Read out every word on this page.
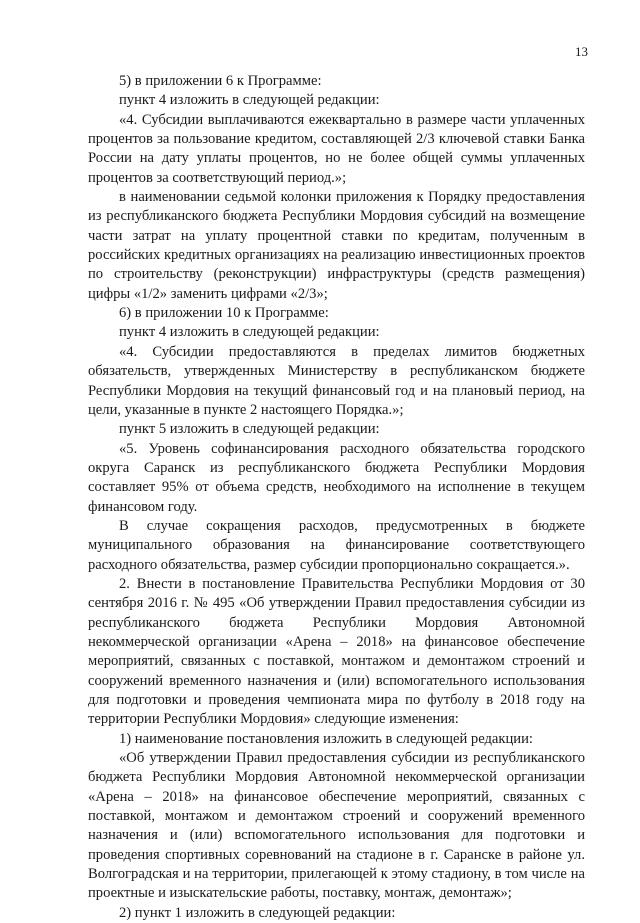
13

5) в приложении 6 к Программе:

пункт 4 изложить в следующей редакции:

«4. Субсидии выплачиваются ежеквартально в размере части уплаченных процентов за пользование кредитом, составляющей 2/3 ключевой ставки Банка России на дату уплаты процентов, но не более общей суммы уплаченных процентов за соответствующий период.»;

в наименовании седьмой колонки приложения к Порядку предоставления из республиканского бюджета Республики Мордовия субсидий на возмещение части затрат на уплату процентной ставки по кредитам, полученным в российских кредитных организациях на реализацию инвестиционных проектов по строительству (реконструкции) инфраструктуры (средств размещения) цифры «1/2» заменить цифрами «2/3»;

6) в приложении 10 к Программе:

пункт 4 изложить в следующей редакции:

«4. Субсидии предоставляются в пределах лимитов бюджетных обязательств, утвержденных Министерству в республиканском бюджете Республики Мордовия на текущий финансовый год и на плановый период, на цели, указанные в пункте 2 настоящего Порядка.»;

пункт 5 изложить в следующей редакции:

«5. Уровень софинансирования расходного обязательства городского округа Саранск из республиканского бюджета Республики Мордовия составляет 95% от объема средств, необходимого на исполнение в текущем финансовом году.

В случае сокращения расходов, предусмотренных в бюджете муниципального образования на финансирование соответствующего расходного обязательства, размер субсидии пропорционально сокращается.».

2. Внести в постановление Правительства Республики Мордовия от 30 сентября 2016 г. № 495 «Об утверждении Правил предоставления субсидии из республиканского бюджета Республики Мордовия Автономной некоммерческой организации «Арена – 2018» на финансовое обеспечение мероприятий, связанных с поставкой, монтажом и демонтажом строений и сооружений временного назначения и (или) вспомогательного использования для подготовки и проведения чемпионата мира по футболу в 2018 году на территории Республики Мордовия» следующие изменения:

1) наименование постановления изложить в следующей редакции:

«Об утверждении Правил предоставления субсидии из республиканского бюджета Республики Мордовия Автономной некоммерческой организации «Арена – 2018» на финансовое обеспечение мероприятий, связанных с поставкой, монтажом и демонтажом строений и сооружений временного назначения и (или) вспомогательного использования для подготовки и проведения спортивных соревнований на стадионе в г. Саранске в районе ул. Волгоградская и на территории, прилегающей к этому стадиону, в том числе на проектные и изыскательские работы, поставку, монтаж, демонтаж»;

2) пункт 1 изложить в следующей редакции:
